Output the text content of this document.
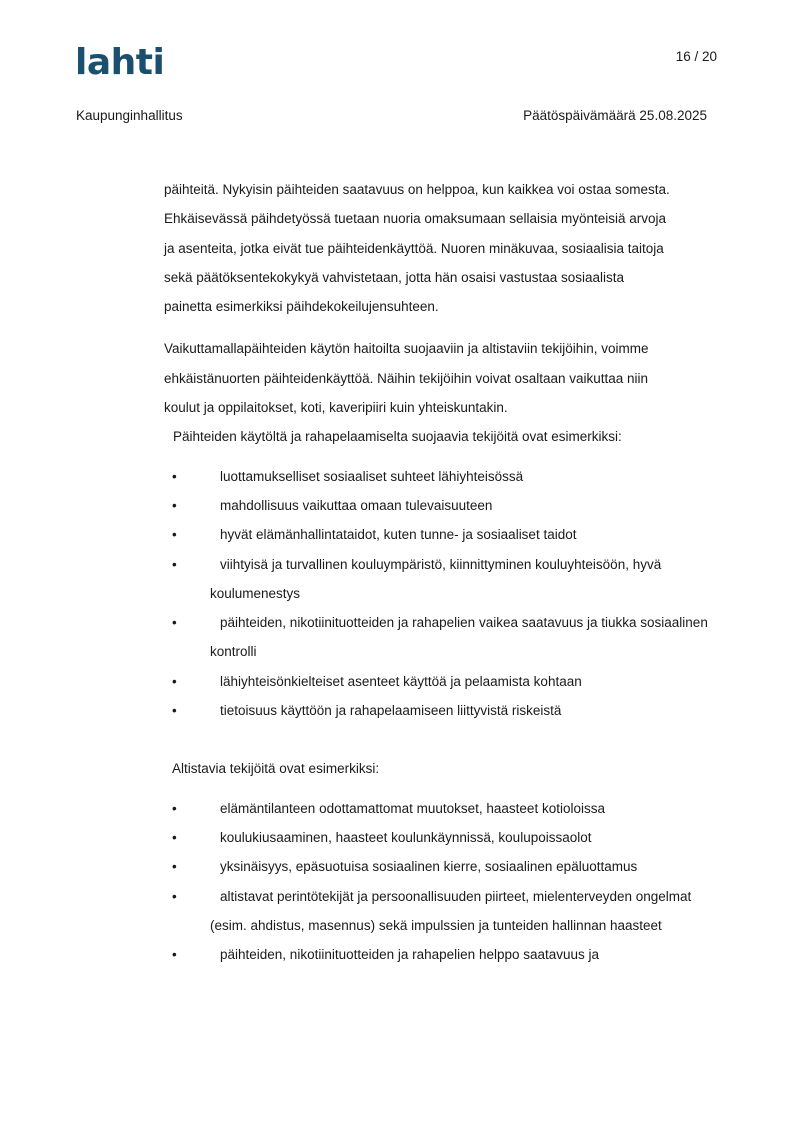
lahti	16 / 20
Kaupunginhallitus	Päätöspäivämäärä 25.08.2025

päihteitä. Nykyisin päihteiden saatavuus on helppoa, kun kaikkea voi ostaa somesta.
Ehkäisevässä päihdetyössä tuetaan nuoria omaksumaan sellaisia myönteisiä arvoja
ja asenteita, jotka eivät tue päihteidenkäyttöä. Nuoren minäkuvaa, sosiaalisia taitoja
sekä päätöksentekokykyä vahvistetaan, jotta hän osaisi vastustaa sosiaalista
painetta esimerkiksi päihdekokeilujensuhteen.

Vaikuttamallapäihteiden käytön haitoilta suojaaviin ja altistaviin tekijöihin, voimme
ehkäistänuorten päihteidenkäyttöä. Näihin tekijöihin voivat osaltaan vaikuttaa niin
koulut ja oppilaitokset, koti, kaveripiiri kuin yhteiskuntakin.

Päihteiden käytöltä ja rahapelaamiselta suojaavia tekijöitä ovat esimerkiksi:

•	luottamukselliset sosiaaliset suhteet lähiyhteisössä
•	mahdollisuus vaikuttaa omaan tulevaisuuteen
•	hyvät elämänhallintataidot, kuten tunne- ja sosiaaliset taidot
•	viihtyisä ja turvallinen kouluympäristö, kiinnittyminen kouluyhteisöön, hyvä koulumenestys
•	päihteiden, nikotiinituotteiden ja rahapelien vaikea saatavuus ja tiukka sosiaalinen kontrolli
•	lähiyhteisönkielteiset asenteet käyttöä ja pelaamista kohtaan
•	tietoisuus käyttöön ja rahapelaamiseen liittyvistä riskeistä

Altistavia tekijöitä ovat esimerkiksi:

•	elämäntilanteen odottamattomat muutokset, haasteet kotioloissa
•	koulukiusaaminen, haasteet koulunkäynnissä, koulupoissaolot
•	yksinäisyys, epäsuotuisa sosiaalinen kierre, sosiaalinen epäluottamus
•	altistavat perintötekijät ja persoonallisuuden piirteet, mielenterveyden ongelmat (esim. ahdistus, masennus) sekä impulssien ja tunteiden hallinnan haasteet
•	päihteiden, nikotiinituotteiden ja rahapelien helppo saatavuus ja
